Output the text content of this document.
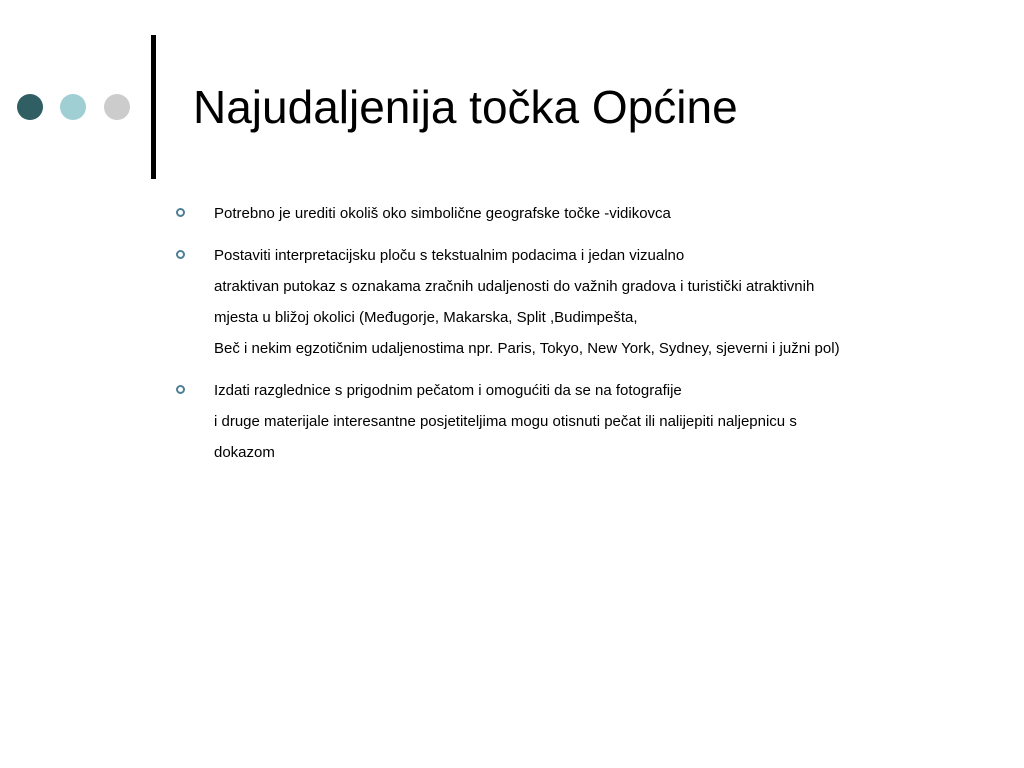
Najudaljenija točka Općine
Potrebno je urediti okoliš oko simbolične geografske točke -vidikovca
Postaviti interpretacijsku ploču s tekstualnim podacima i jedan vizualno
atraktivan putokaz s oznakama zračnih udaljenosti do važnih gradova i turistički atraktivnih
mjesta u bližoj okolici (Međugorje, Makarska, Split ,Budimpešta,
Beč i nekim egzotičnim udaljenostima npr. Paris, Tokyo, New York, Sydney, sjeverni i južni pol)
Izdati razglednice s prigodnim pečatom i omogućiti da se na fotografije
i druge materijale interesantne posjetiteljima mogu otisnuti pečat ili nalijepiti naljepnicu s
dokazom
